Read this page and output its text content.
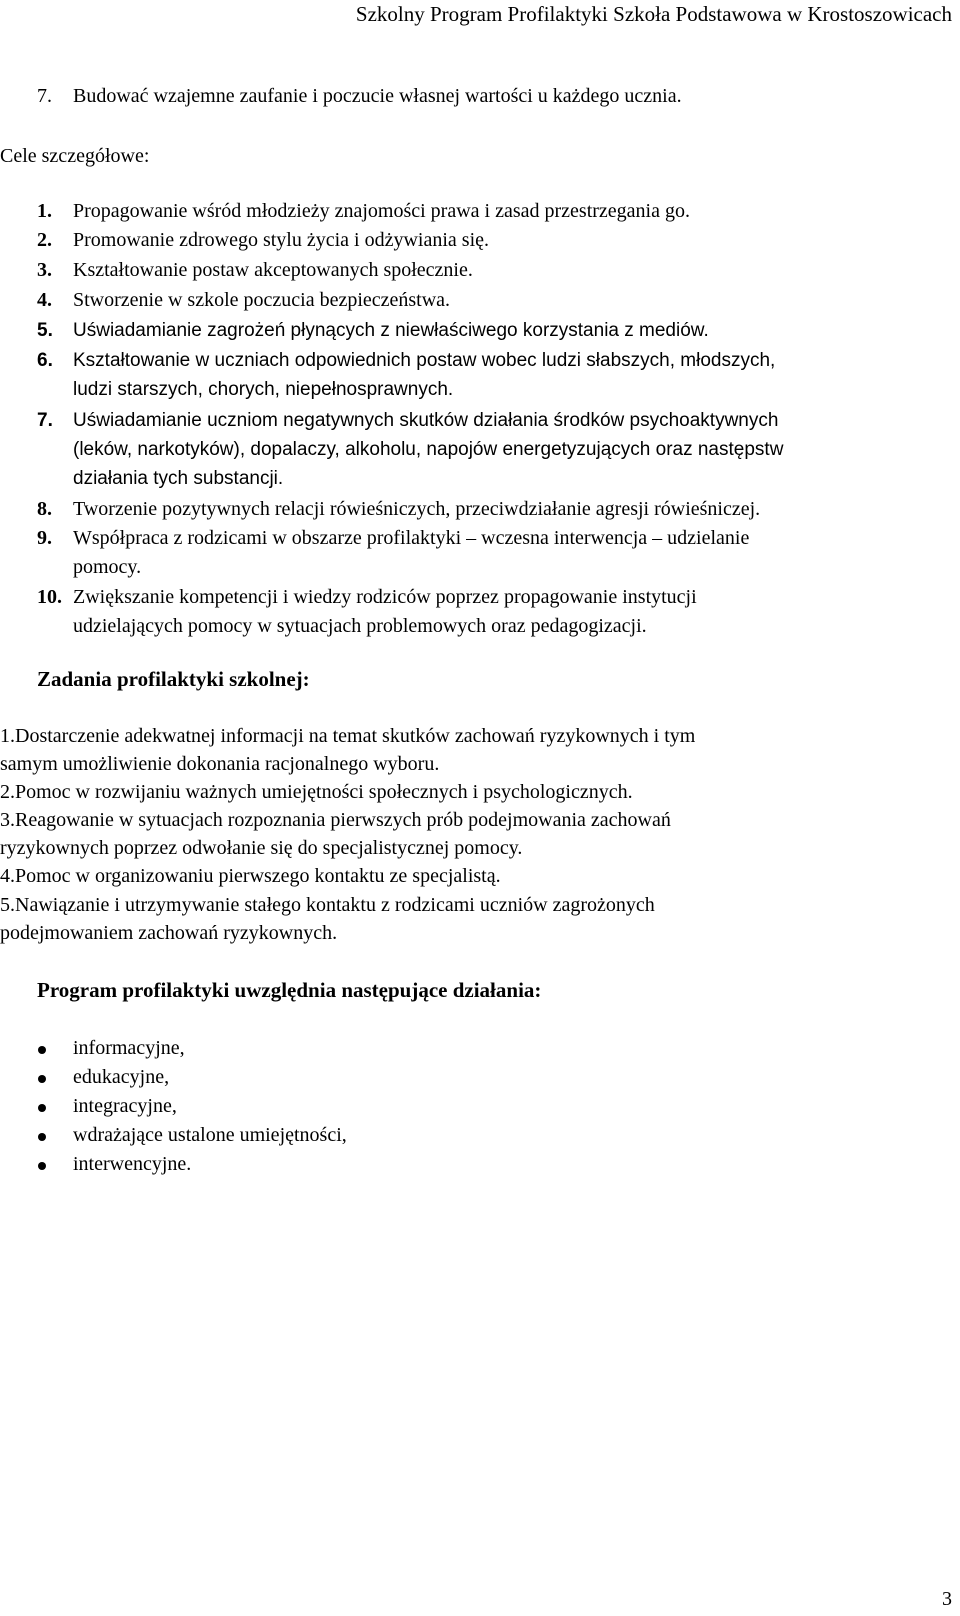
Szkolny Program Profilaktyki Szkoła Podstawowa w Krostoszowicach
7. Budować wzajemne zaufanie i poczucie własnej wartości u każdego ucznia.
Cele szczegółowe:
1. Propagowanie wśród młodzieży znajomości prawa i zasad przestrzegania go.
2. Promowanie zdrowego stylu życia i odżywiania się.
3. Kształtowanie postaw akceptowanych społecznie.
4. Stworzenie w szkole poczucia bezpieczeństwa.
5. Uświadamianie zagrożeń płynących z niewłaściwego korzystania z mediów.
6. Kształtowanie w uczniach odpowiednich postaw wobec ludzi słabszych, młodszych,
ludzi starszych, chorych, niepełnosprawnych.
7. Uświadamianie uczniom negatywnych skutków działania środków psychoaktywnych
(leków, narkotyków), dopalaczy, alkoholu, napojów energetyzujących oraz następstw
działania tych substancji.
8. Tworzenie pozytywnych relacji rówieśniczych, przeciwdziałanie agresji rówieśniczej.
9. Współpraca z rodzicami w obszarze profilaktyki – wczesna interwencja – udzielanie
pomocy.
10. Zwiększanie kompetencji i wiedzy rodziców poprzez propagowanie instytucji
udzielających pomocy w sytuacjach problemowych oraz pedagogizacji.
Zadania profilaktyki szkolnej:
1.Dostarczenie adekwatnej informacji na temat skutków zachowań ryzykownych i tym
samym umożliwienie dokonania racjonalnego wyboru.
2.Pomoc w rozwijaniu ważnych umiejętności społecznych i psychologicznych.
3.Reagowanie w sytuacjach rozpoznania pierwszych prób podejmowania zachowań
ryzykownych poprzez odwołanie się do specjalistycznej pomocy.
4.Pomoc w organizowaniu pierwszego kontaktu ze specjalistą.
5.Nawiązanie i utrzymywanie stałego kontaktu z rodzicami uczniów zagrożonych
podejmowaniem zachowań ryzykownych.
Program profilaktyki uwzględnia następujące działania:
informacyjne,
edukacyjne,
integracyjne,
wdrażające ustalone umiejętności,
interwencyjne.
3
